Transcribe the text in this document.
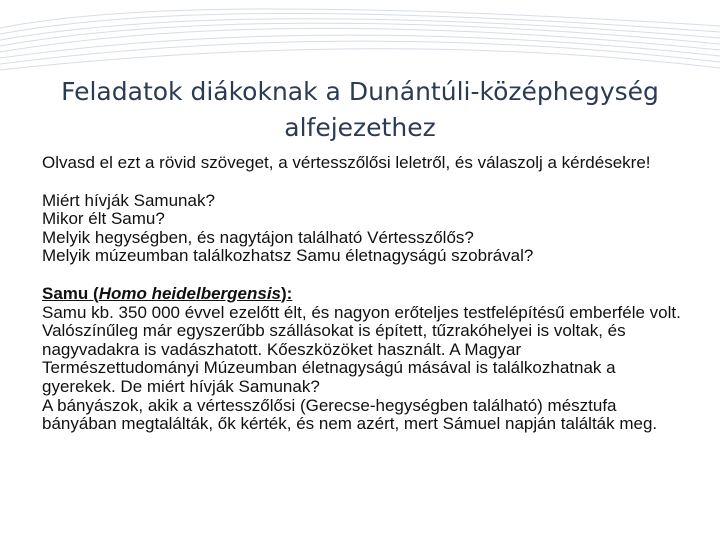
Feladatok diákoknak a Dunántúli-középhegység alfejezethez

Olvasd el ezt a rövid szöveget, a vértesszőlősi leletről, és válaszolj a kérdésekre!

Miért hívják Samunak?

Mikor élt Samu?

Melyik hegységben, és nagytájon található Vértesszőlős?

Melyik múzeumban találkozhatsz Samu életnagyságú szobrával?

Samu (Homo heidelbergensis):

Samu kb. 350 000 évvel ezelőtt élt, és nagyon erőteljes testfelépítésű emberféle volt. Valószínűleg már egyszerűbb szállásokat is épített, tűzrakóhelyei is voltak, és nagyvadakra is vadászhatott. Kőeszközöket használt. A Magyar Természettudományi Múzeumban életnagyságú másával is találkozhatnak a gyerekek. De miért hívják Samunak?

A bányászok, akik a vértesszőlősi (Gerecse-hegységben található) mésztufa bányában megtalálták, ők kérték, és nem azért, mert Sámuel napján találták meg.
